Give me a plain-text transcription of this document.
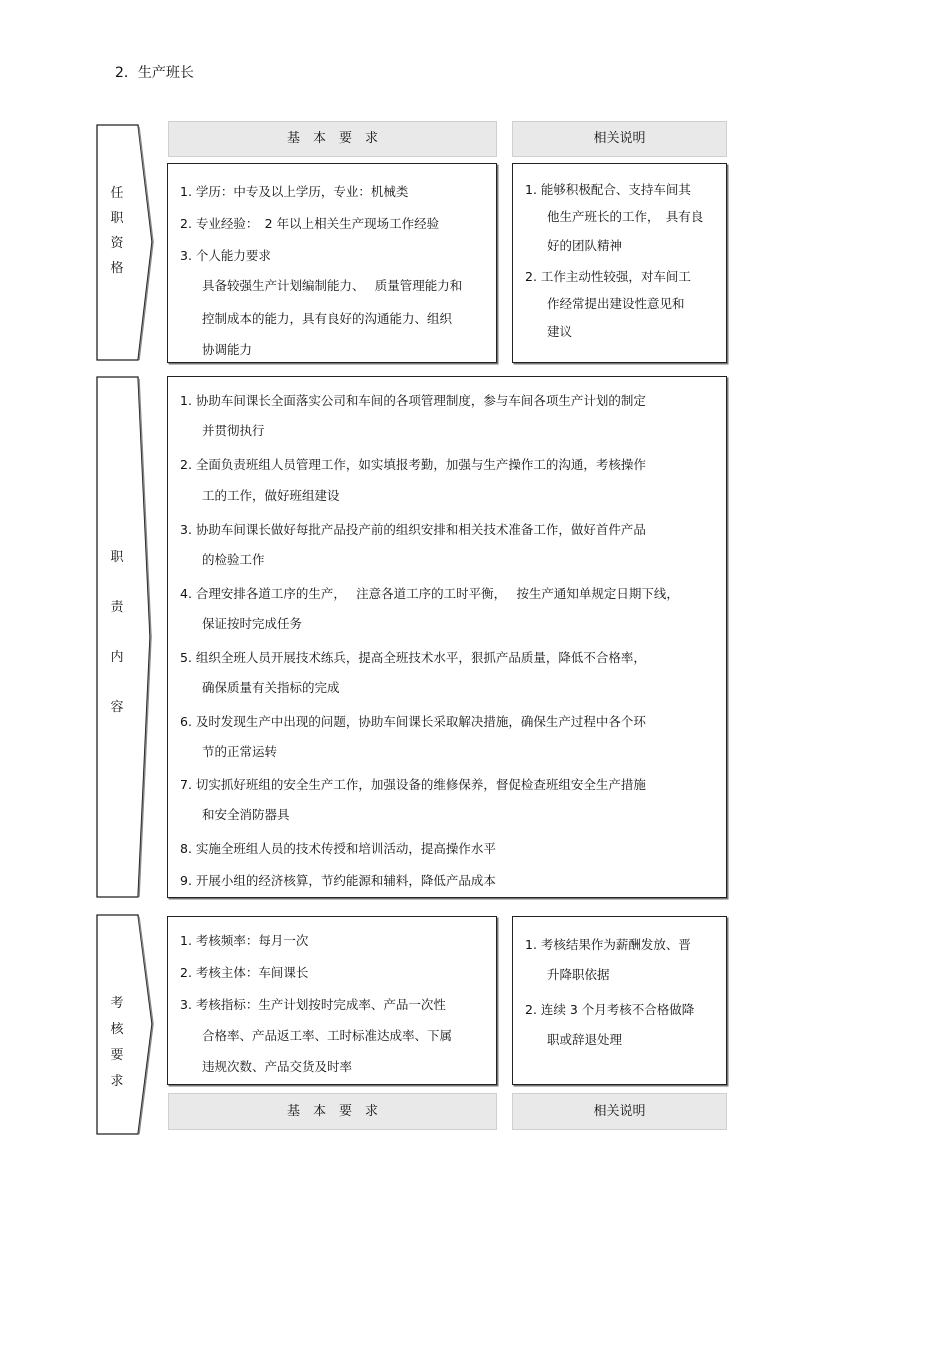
2．生产班长
任
职
资
格
基　本　要　求	相关说明
1. 学历：中专及以上学历，专业：机械类
2. 专业经验：　2 年以上相关生产现场工作经验
3. 个人能力要求
具备较强生产计划编制能力、　 质量管理能力和
控制成本的能力，具有良好的沟通能力、组织
协调能力
1. 能够积极配合、支持车间其
他生产班长的工作，　具有良
好的团队精神
2. 工作主动性较强，对车间工
作经常提出建设性意见和
建议
职
责
内
容
1. 协助车间课长全面落实公司和车间的各项管理制度，参与车间各项生产计划的制定
并贯彻执行
2. 全面负责班组人员管理工作，如实填报考勤，加强与生产操作工的沟通，考核操作
工的工作，做好班组建设
3. 协助车间课长做好每批产品投产前的组织安排和相关技术准备工作，做好首件产品
的检验工作
4. 合理安排各道工序的生产，　 注意各道工序的工时平衡，　 按生产通知单规定日期下线，
保证按时完成任务
5. 组织全班人员开展技术练兵，提高全班技术水平，狠抓产品质量，降低不合格率，
确保质量有关指标的完成
6. 及时发现生产中出现的问题，协助车间课长采取解决措施，确保生产过程中各个环
节的正常运转
7. 切实抓好班组的安全生产工作，加强设备的维修保养，督促检查班组安全生产措施
和安全消防器具
8. 实施全班组人员的技术传授和培训活动，提高操作水平
9. 开展小组的经济核算，节约能源和辅料，降低产品成本
考
核
要
求
1. 考核频率：每月一次
2. 考核主体：车间课长
3. 考核指标：生产计划按时完成率、产品一次性
合格率、产品返工率、工时标准达成率、下属
违规次数、产品交货及时率
1. 考核结果作为薪酬发放、晋
升降职依据
2. 连续 3 个月考核不合格做降
职或辞退处理
基　本　要　求	相关说明
